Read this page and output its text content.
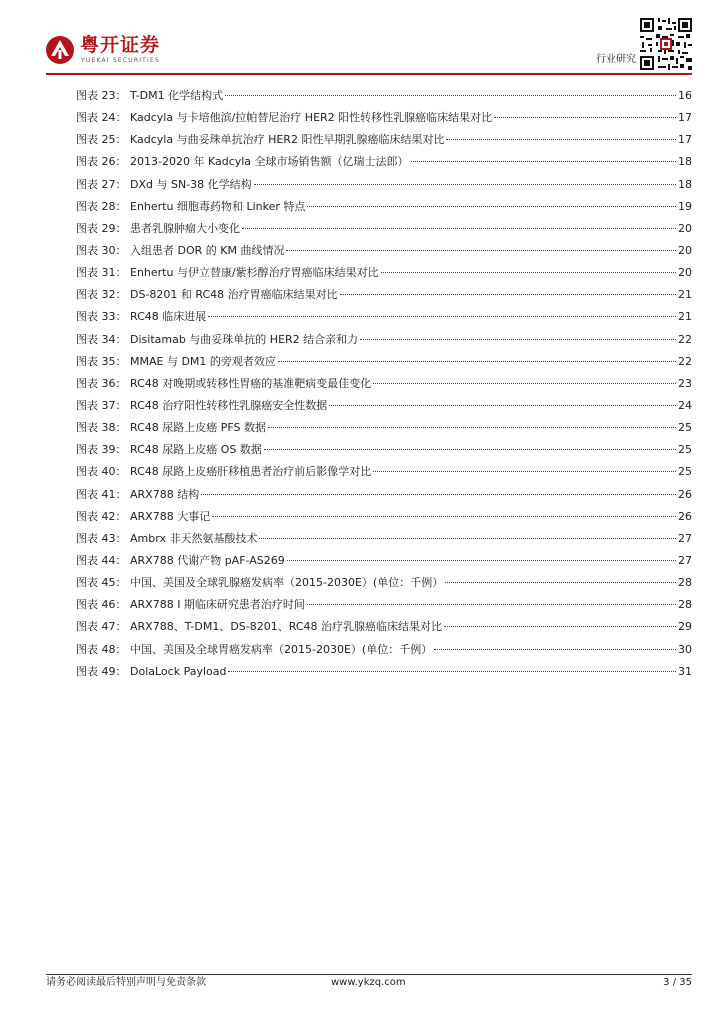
粤开证券
YUEKAI SECURITIES	行业研究
图表 23：
T-DM1 化学结构式	16
图表 24：
Kadcyla 与卡培他滨/拉帕替尼治疗 HER2 阳性转移性乳腺癌临床结果对比	17
图表 25：
Kadcyla 与曲妥珠单抗治疗 HER2 阳性早期乳腺癌临床结果对比	17
图表 26：
2013-2020 年 Kadcyla 全球市场销售额（亿瑞士法郎）	18
图表 27：
DXd 与 SN-38 化学结构	18
图表 28：
Enhertu 细胞毒药物和 Linker 特点	19
图表 29：
患者乳腺肿瘤大小变化	20
图表 30：
入组患者 DOR 的 KM 曲线情况	20
图表 31：
Enhertu 与伊立替康/紫杉醇治疗胃癌临床结果对比	20
图表 32：
DS-8201 和 RC48 治疗胃癌临床结果对比	21
图表 33：
RC48 临床进展	21
图表 34：
Disitamab 与曲妥珠单抗的 HER2 结合亲和力	22
图表 35：
MMAE 与 DM1 的旁观者效应	22
图表 36：
RC48 对晚期或转移性胃癌的基准靶病变最佳变化	23
图表 37：
RC48 治疗阳性转移性乳腺癌安全性数据	24
图表 38：
RC48 尿路上皮癌 PFS 数据	25
图表 39：
RC48 尿路上皮癌 OS 数据	25
图表 40：
RC48 尿路上皮癌肝移植患者治疗前后影像学对比	25
图表 41：
ARX788 结构	26
图表 42：
ARX788 大事记	26
图表 43：
Ambrx 非天然氨基酸技术	27
图表 44：
ARX788 代谢产物 pAF-AS269	27
图表 45：
中国、美国及全球乳腺癌发病率（2015-2030E）(单位：千例）	28
图表 46：
ARX788 I 期临床研究患者治疗时间	28
图表 47：
ARX788、T-DM1、DS-8201、RC48 治疗乳腺癌临床结果对比	29
图表 48：
中国、美国及全球胃癌发病率（2015-2030E）(单位：千例）	30
图表 49：
DolaLock Payload	31
请务必阅读最后特别声明与免责条款	www.ykzq.com	3 / 35
